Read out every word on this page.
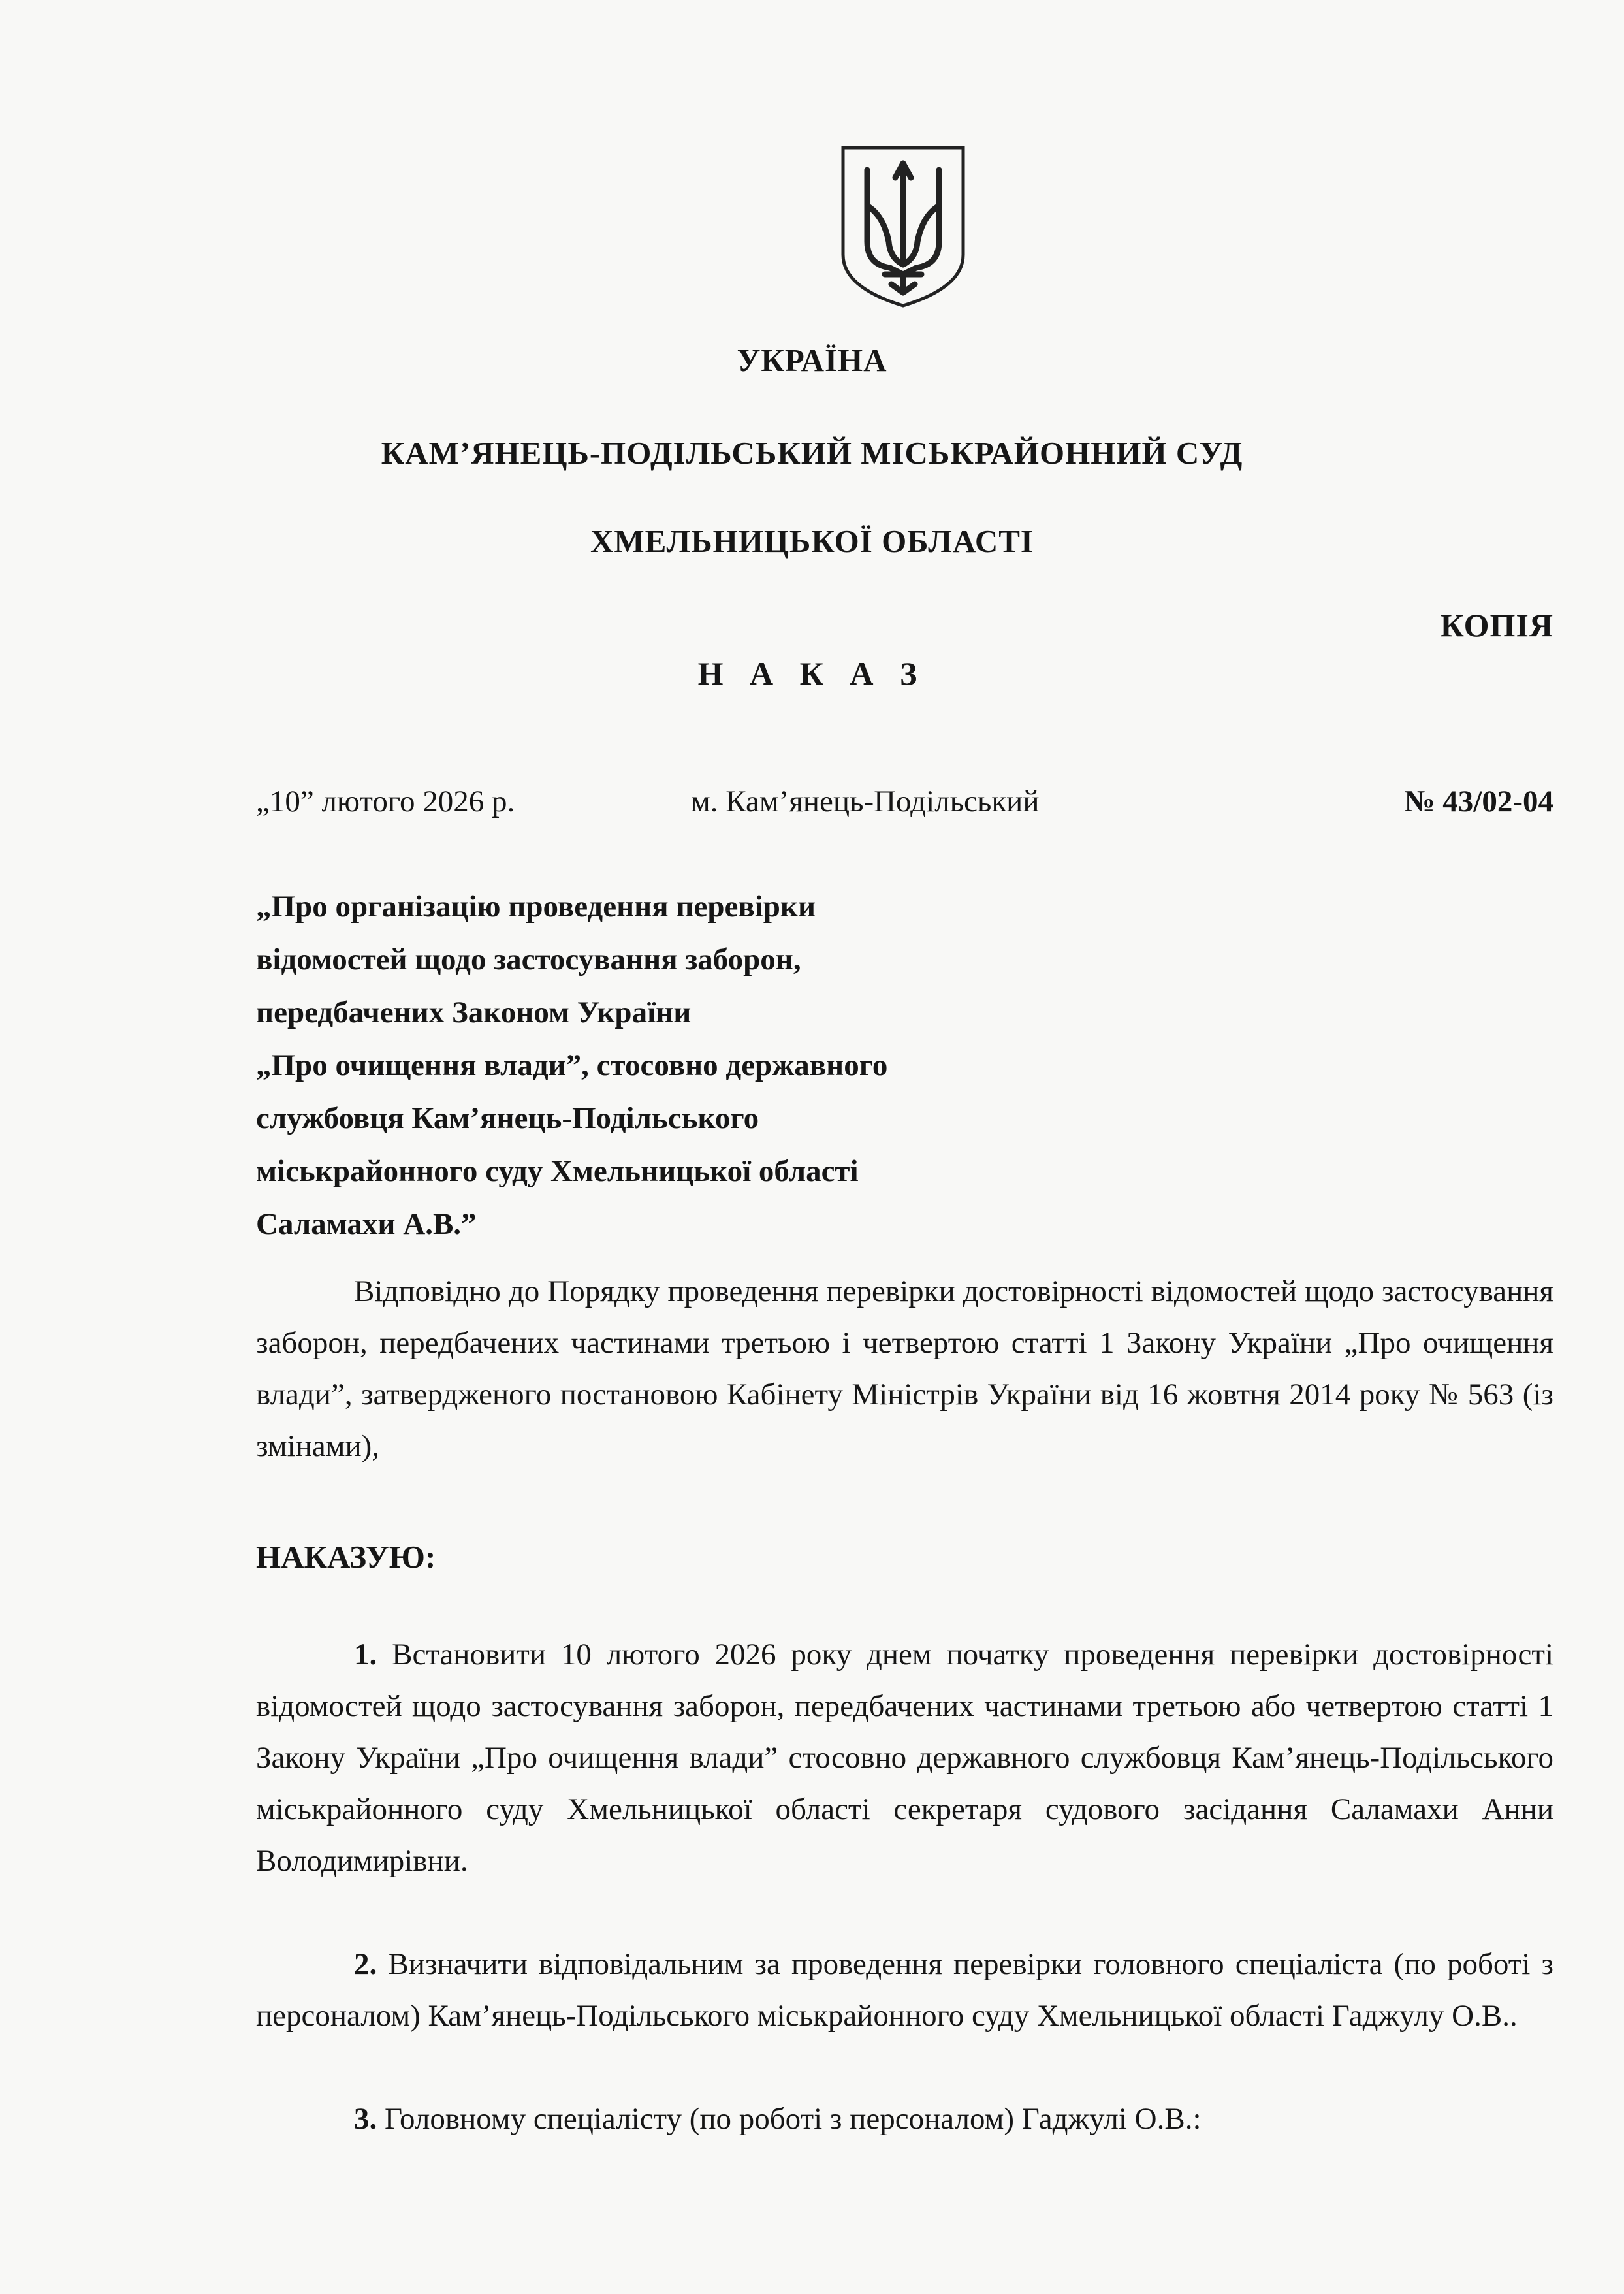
УКРАЇНА
КАМ’ЯНЕЦЬ-ПОДІЛЬСЬКИЙ МІСЬКРАЙОННИЙ СУД
ХМЕЛЬНИЦЬКОЇ ОБЛАСТІ
КОПІЯ
Н А К А З
„10” лютого 2026 р.	м. Кам’янець-Подільський	№ 43/02-04
„Про організацію проведення перевірки
відомостей щодо застосування заборон,
передбачених Законом України
„Про очищення влади”, стосовно державного
службовця Кам’янець-Подільського
міськрайонного суду Хмельницької області
Саламахи А.В.”

Відповідно до Порядку проведення перевірки достовірності відомостей щодо застосування заборон, передбачених частинами третьою і четвертою статті 1 Закону України „Про очищення влади”, затвердженого постановою Кабінету Міністрів України від 16 жовтня 2014 року № 563 (із змінами),

НАКАЗУЮ:

1. Встановити 10 лютого 2026 року днем початку проведення перевірки достовірності відомостей щодо застосування заборон, передбачених частинами третьою або четвертою статті 1 Закону України „Про очищення влади” стосовно державного службовця Кам’янець-Подільського міськрайонного суду Хмельницької області секретаря судового засідання Саламахи Анни Володимирівни.

2. Визначити відповідальним за проведення перевірки головного спеціаліста (по роботі з персоналом) Кам’янець-Подільського міськрайонного суду Хмельницької області Гаджулу О.В..

3. Головному спеціалісту (по роботі з персоналом) Гаджулі О.В.:
